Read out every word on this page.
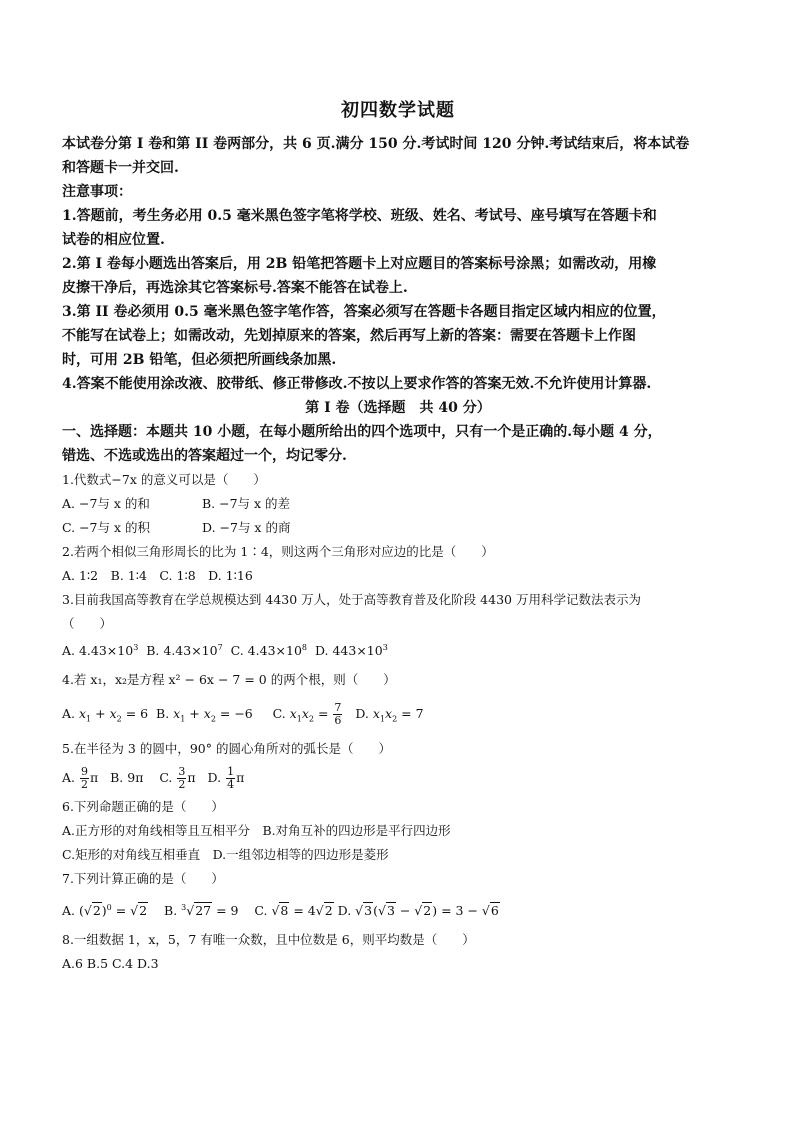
初四数学试题

本试卷分第 I 卷和第 II 卷两部分，共 6 页.满分 150 分.考试时间 120 分钟.考试结束后，将本试卷

和答题卡一并交回.

注意事项：

1.答题前，考生务必用 0.5 毫米黑色签字笔将学校、班级、姓名、考试号、座号填写在答题卡和

试卷的相应位置.

2.第 I 卷每小题选出答案后，用 2B 铅笔把答题卡上对应题目的答案标号涂黑；如需改动，用橡

皮擦干净后，再选涂其它答案标号.答案不能答在试卷上.

3.第 II 卷必须用 0.5 毫米黑色签字笔作答，答案必须写在答题卡各题目指定区域内相应的位置，

不能写在试卷上；如需改动，先划掉原来的答案，然后再写上新的答案：需要在答题卡上作图

时，可用 2B 铅笔，但必须把所画线条加黑.

4.答案不能使用涂改液、胶带纸、修正带修改.不按以上要求作答的答案无效.不允许使用计算器.

第 I 卷（选择题　共 40 分）

一、选择题：本题共 10 小题，在每小题所给出的四个选项中，只有一个是正确的.每小题 4 分，

错选、不选或选出的答案超过一个，均记零分.

1.代数式−7x 的意义可以是（　　）

A. −7与 x 的和	B. −7与 x 的差
C. −7与 x 的积	D. −7与 x 的商

2.若两个相似三角形周长的比为 1∶4，则这两个三角形对应边的比是（　　）

A. 1∶2　B. 1∶4　C. 1∶8　D. 1∶16

3.目前我国高等教育在学总规模达到 4430 万人，处于高等教育普及化阶段 4430 万用科学记数法表示为

（　　）

A. $4.43\times 10^3$  B. $4.43\times 10^7$  C. $4.43\times 10^8$  D. $443\times 10^3$

4.若 x₁，x₂是方程 x² − 6x − 7 = 0 的两个根，则（　　）

A. $x_1 + x_2 = 6$  B. $x_1 + x_2 = -6$     C. $x_1x_2 = \frac{7}{6} D$. $x_1x_2 = 7$

5.在半径为 3 的圆中，90° 的圆心角所对的弧长是（　　）

A. $\frac{9}{2}$ π   B. 9π    C. $\frac{3}{2}$ π   D. $\frac{1}{4}$ π

6.下列命题正确的是（　　）

A.正方形的对角线相等且互相平分　B.对角互补的四边形是平行四边形

C.矩形的对角线互相垂直　D.一组邻边相等的四边形是菱形

7.下列计算正确的是（　　）

A. $(√2)^0 = √2$    B. $^3$√27 = 9    C. √8 = 4√2 D. √3(√3 − √2) = 3 − √6

8.一组数据 1，x，5，7 有唯一众数，且中位数是 6，则平均数是（　　）

A.6 B.5 C.4 D.3
